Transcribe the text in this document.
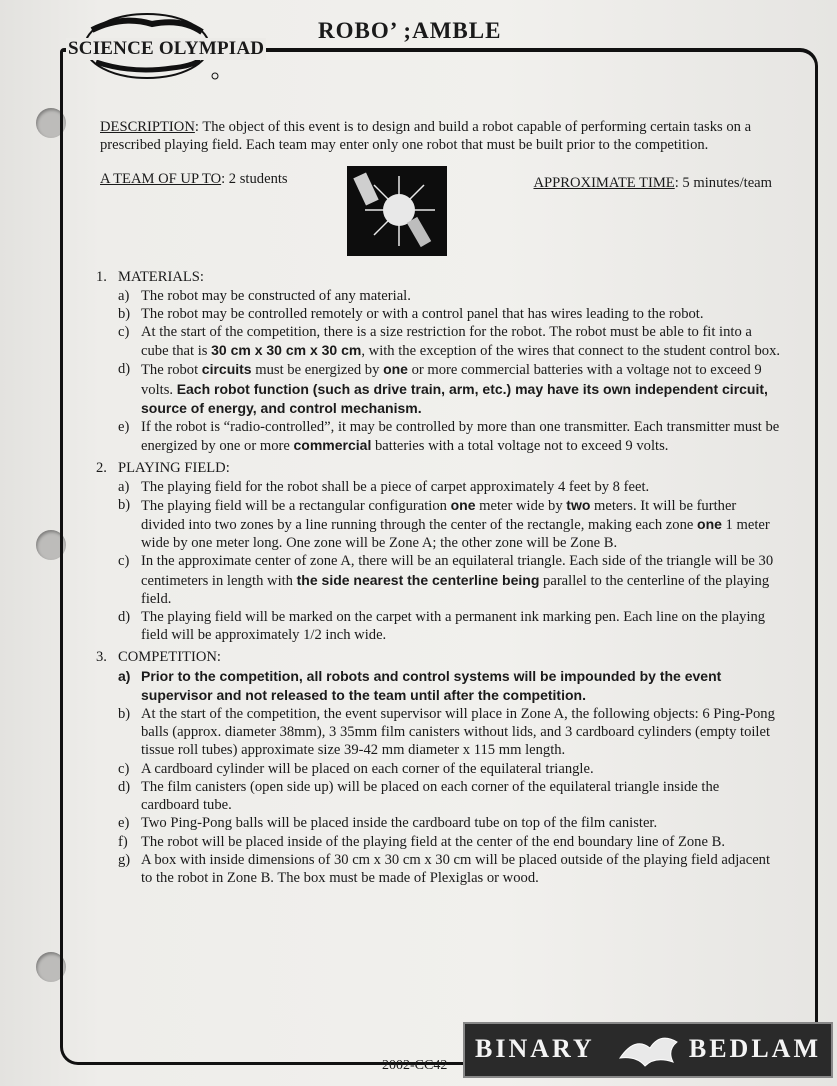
SCIENCE OLYMPIAD
ROBO’ ;AMBLE

DESCRIPTION: The object of this event is to design and build a robot capable of performing certain tasks on a prescribed playing field. Each team may enter only one robot that must be built prior to the competition.

A TEAM OF UP TO: 2 students	APPROXIMATE TIME: 5 minutes/team
1. MATERIALS:
a) The robot may be constructed of any material.
b) The robot may be controlled remotely or with a control panel that has wires leading to the robot.
c) At the start of the competition, there is a size restriction for the robot. The robot must be able to fit into a cube that is 30 cm x 30 cm x 30 cm, with the exception of the wires that connect to the student control box.
d) The robot circuits must be energized by one or more commercial batteries with a voltage not to exceed 9 volts. Each robot function (such as drive train, arm, etc.) may have its own independent circuit, source of energy, and control mechanism.
e) If the robot is “radio-controlled”, it may be controlled by more than one transmitter. Each transmitter must be energized by one or more commercial batteries with a total voltage not to exceed 9 volts.
2. PLAYING FIELD:
a) The playing field for the robot shall be a piece of carpet approximately 4 feet by 8 feet.
b) The playing field will be a rectangular configuration one meter wide by two meters. It will be further divided into two zones by a line running through the center of the rectangle, making each zone one 1 meter wide by one meter long. One zone will be Zone A; the other zone will be Zone B.
c) In the approximate center of zone A, there will be an equilateral triangle. Each side of the triangle will be 30 centimeters in length with the side nearest the centerline being parallel to the centerline of the playing field.
d) The playing field will be marked on the carpet with a permanent ink marking pen. Each line on the playing field will be approximately 1/2 inch wide.
3. COMPETITION:
a) Prior to the competition, all robots and control systems will be impounded by the event supervisor and not released to the team until after the competition.
b) At the start of the competition, the event supervisor will place in Zone A, the following objects: 6 Ping-Pong balls (approx. diameter 38mm), 3 35mm film canisters without lids, and 3 cardboard cylinders (empty toilet tissue roll tubes) approximate size 39-42 mm diameter x 115 mm length.
c) A cardboard cylinder will be placed on each corner of the equilateral triangle.
d) The film canisters (open side up) will be placed on each corner of the equilateral triangle inside the cardboard tube.
e) Two Ping-Pong balls will be placed inside the cardboard tube on top of the film canister.
f) The robot will be placed inside of the playing field at the center of the end boundary line of Zone B.
g) A box with inside dimensions of 30 cm x 30 cm x 30 cm will be placed outside of the playing field adjacent to the robot in Zone B. The box must be made of Plexiglas or wood.
2002-CC42
BINARY	BEDLAM
